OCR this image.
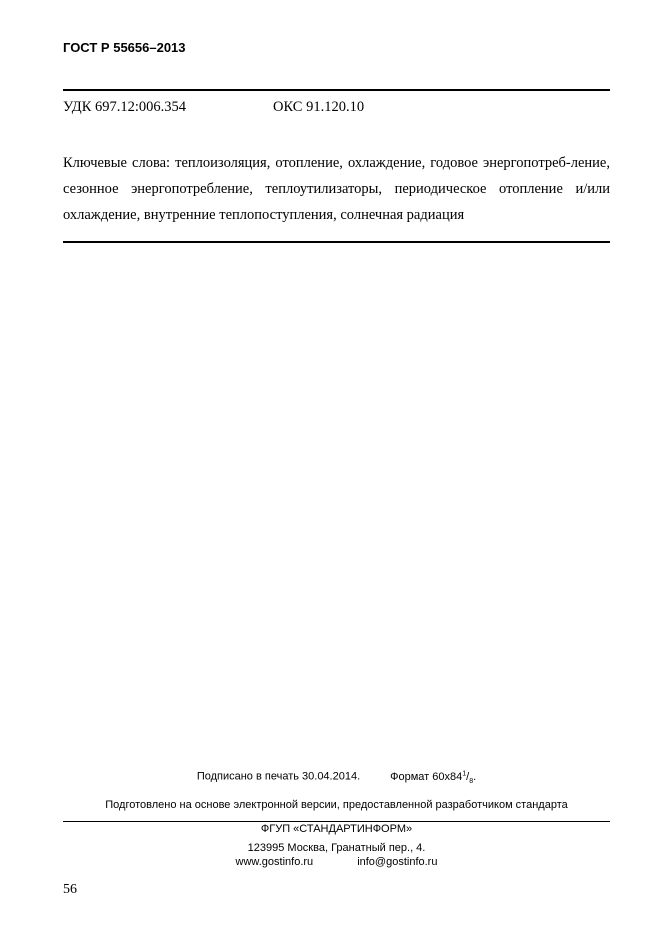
ГОСТ Р 55656–2013
УДК 697.12:006.354	ОКС 91.120.10
Ключевые слова: теплоизоляция, отопление, охлаждение, годовое энергопотреб-ление, сезонное энергопотребление, теплоутилизаторы, периодическое отопление и/или охлаждение, внутренние теплопоступления, солнечная радиация
Подписано в печать 30.04.2014.	Формат $60x84^1/_8$.
Подготовлено на основе электронной версии, предоставленной разработчиком стандарта
ФГУП «СТАНДАРТИНФОРМ»
123995 Москва, Гранатный пер., 4.
www.gostinfo.ru	info@gostinfo.ru
56
